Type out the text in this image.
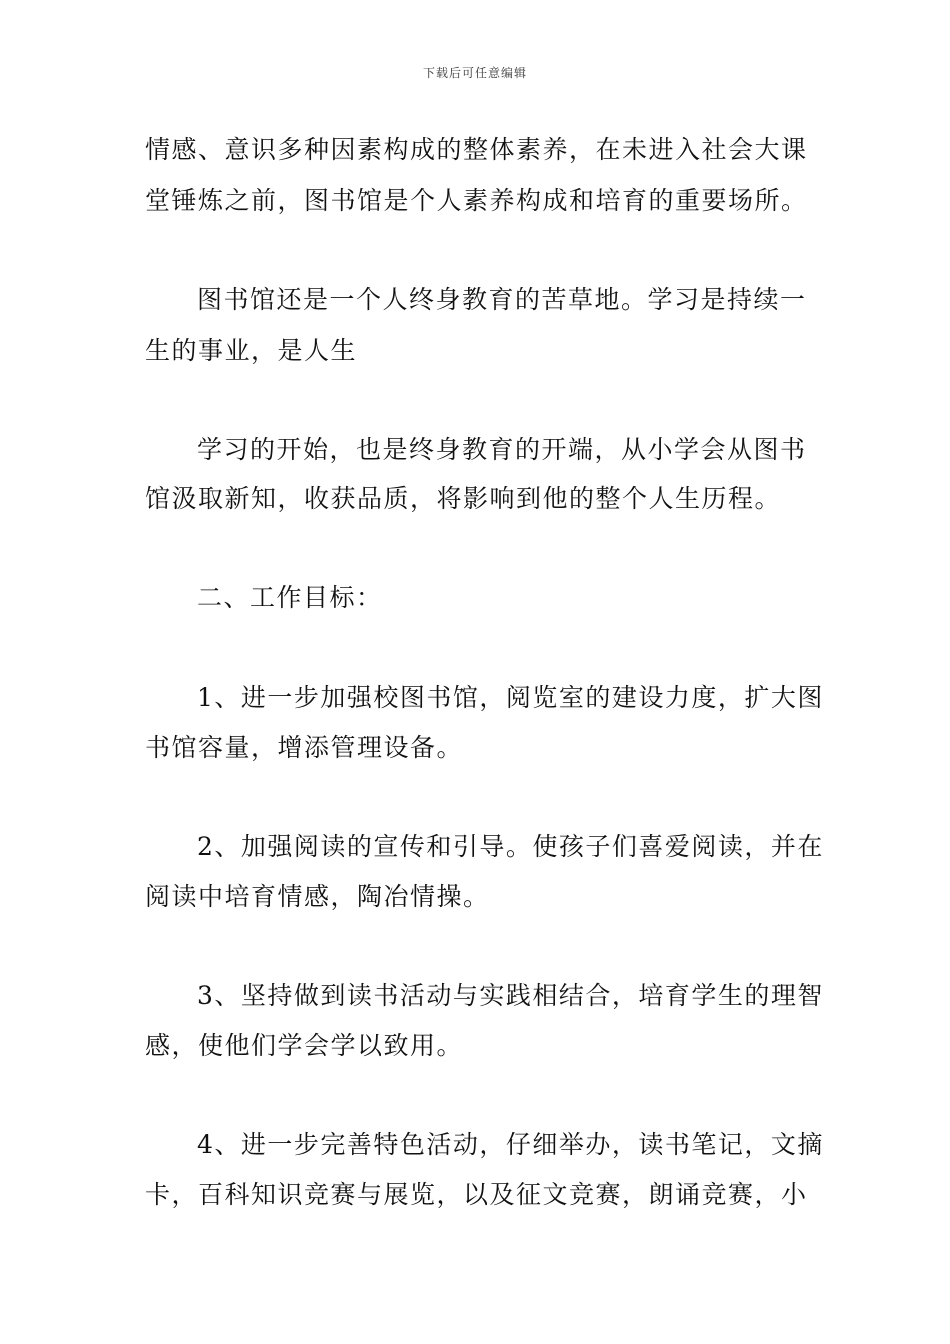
下载后可任意编辑
情感、意识多种因素构成的整体素养，在未进入社会大课
堂锤炼之前，图书馆是个人素养构成和培育的重要场所。
图书馆还是一个人终身教育的苦草地。学习是持续一
生的事业，是人生
学习的开始，也是终身教育的开端，从小学会从图书
馆汲取新知，收获品质，将影响到他的整个人生历程。
二、工作目标：
1、进一步加强校图书馆，阅览室的建设力度，扩大图
书馆容量，增添管理设备。
2、加强阅读的宣传和引导。使孩子们喜爱阅读，并在
阅读中培育情感，陶冶情操。
3、坚持做到读书活动与实践相结合，培育学生的理智
感，使他们学会学以致用。
4、进一步完善特色活动，仔细举办，读书笔记，文摘
卡，百科知识竞赛与展览，以及征文竞赛，朗诵竞赛，小
